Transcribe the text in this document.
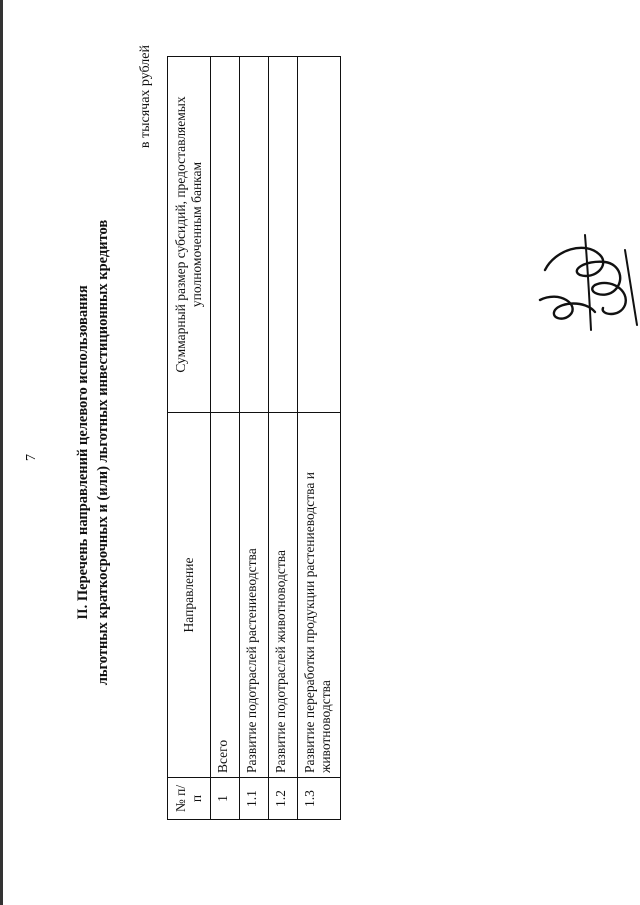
7 II. Перечень направлений целевого использования льготных краткосрочных и (или) льготных инвестиционных кредитов
в тысячах рублей
№ п/п	Направление	Суммарный размер субсидий, предоставляемых уполномоченным банкам
1	Всего	
1.1	Развитие подотраслей растениеводства	
1.2	Развитие подотраслей животноводства	
1.3	Развитие переработки продукции растениеводства и животноводства	
